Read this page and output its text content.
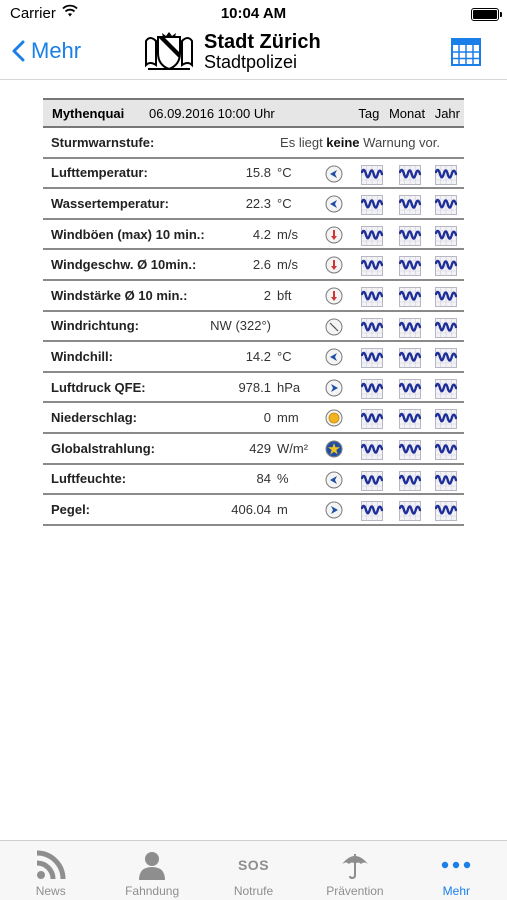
Carrier	10:04 AM
Mehr	Stadt Zürich
Stadtpolizei
Mythenquai	06.09.2016 10:00 Uhr	Tag Monat Jahr
Sturmwarnstufe:	Es liegt keine Warnung vor.
Lufttemperatur:	15.8 °C
Wassertemperatur:	22.3 °C
Windböen (max) 10 min.:	4.2 m/s
Windgeschw. Ø 10min.:	2.6 m/s
Windstärke Ø 10 min.:	2 bft
Windrichtung:	NW (322°)
Windchill:	14.2 °C
Luftdruck QFE:	978.1 hPa
Niederschlag:	0 mm
Globalstrahlung:	429 W/m²
Luftfeuchte:	84 %
Pegel:	406.04 m
News	Fahndung
SOS
Notrufe	Prävention	Mehr
